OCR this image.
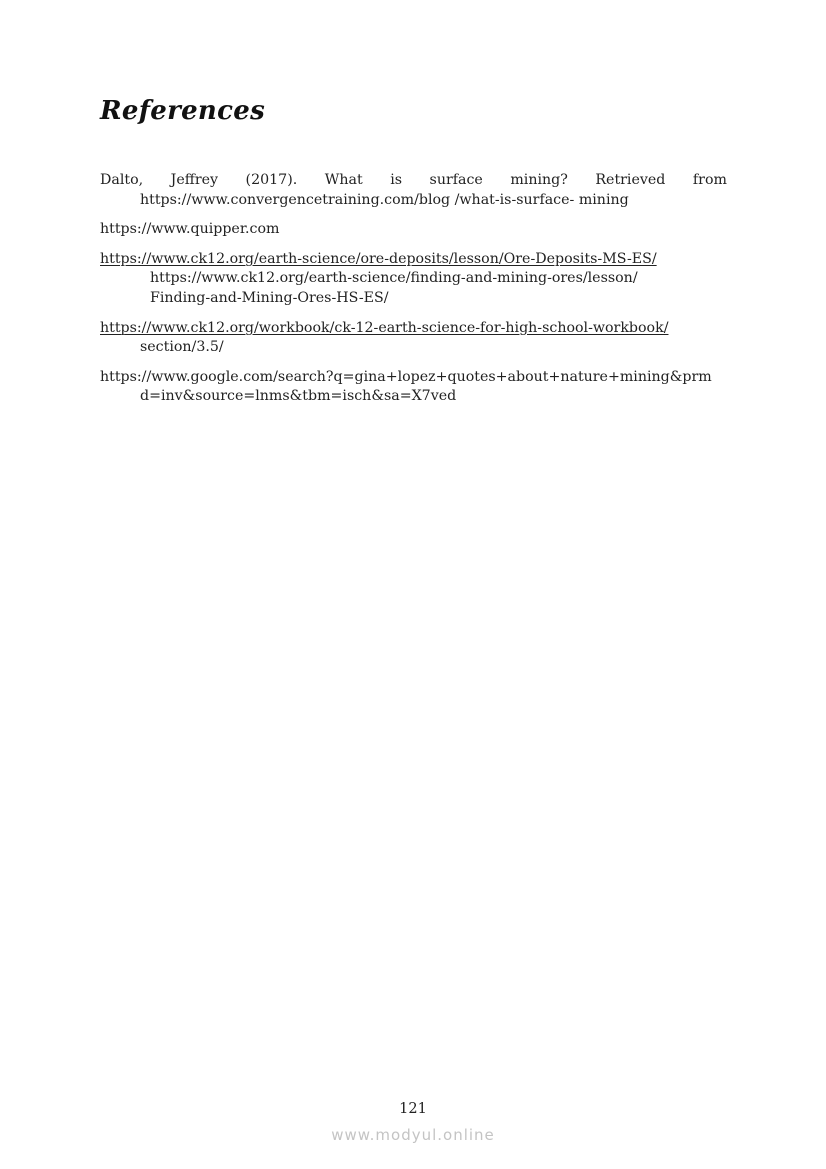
References
Dalto, Jeffrey (2017). What is surface mining? Retrieved from
https://www.convergencetraining.com/blog /what-is-surface- mining
https://www.quipper.com
https://www.ck12.org/earth-science/ore-deposits/lesson/Ore-Deposits-MS-ES/
https://www.ck12.org/earth-science/finding-and-mining-ores/lesson/
Finding-and-Mining-Ores-HS-ES/
https://www.ck12.org/workbook/ck-12-earth-science-for-high-school-workbook/
section/3.5/
https://www.google.com/search?q=gina+lopez+quotes+about+nature+mining&prm
d=inv&source=lnms&tbm=isch&sa=X7ved
121
www.modyul.online
